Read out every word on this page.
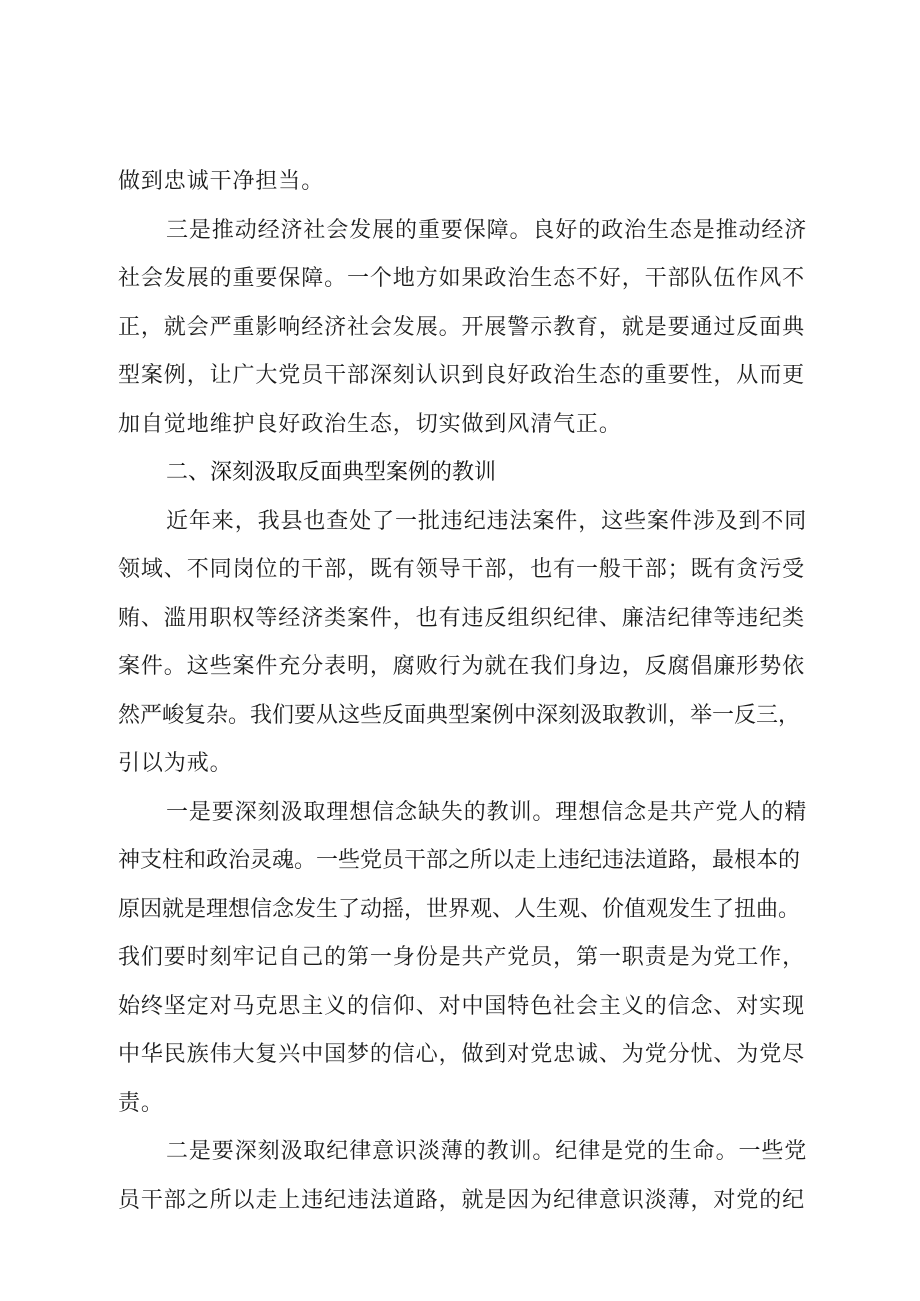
做到忠诚干净担当。
三是推动经济社会发展的重要保障。良好的政治生态是推动经济
社会发展的重要保障。一个地方如果政治生态不好，干部队伍作风不
正，就会严重影响经济社会发展。开展警示教育，就是要通过反面典
型案例，让广大党员干部深刻认识到良好政治生态的重要性，从而更
加自觉地维护良好政治生态，切实做到风清气正。
二、深刻汲取反面典型案例的教训
近年来，我县也查处了一批违纪违法案件，这些案件涉及到不同
领域、不同岗位的干部，既有领导干部，也有一般干部；既有贪污受
贿、滥用职权等经济类案件，也有违反组织纪律、廉洁纪律等违纪类
案件。这些案件充分表明，腐败行为就在我们身边，反腐倡廉形势依
然严峻复杂。我们要从这些反面典型案例中深刻汲取教训，举一反三，
引以为戒。
一是要深刻汲取理想信念缺失的教训。理想信念是共产党人的精
神支柱和政治灵魂。一些党员干部之所以走上违纪违法道路，最根本的
原因就是理想信念发生了动摇，世界观、人生观、价值观发生了扭曲。
我们要时刻牢记自己的第一身份是共产党员，第一职责是为党工作，
始终坚定对马克思主义的信仰、对中国特色社会主义的信念、对实现
中华民族伟大复兴中国梦的信心，做到对党忠诚、为党分忧、为党尽
责。
二是要深刻汲取纪律意识淡薄的教训。纪律是党的生命。一些党
员干部之所以走上违纪违法道路，就是因为纪律意识淡薄，对党的纪
